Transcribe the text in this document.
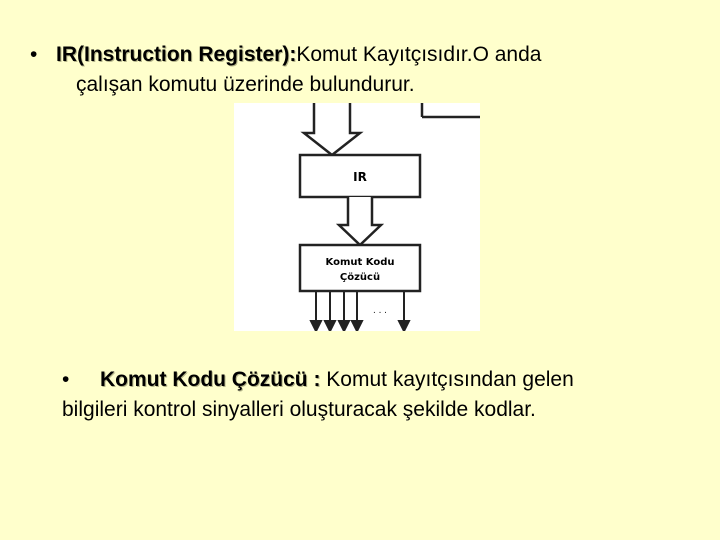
• IR(Instruction Register):Komut Kayıtçısıdır.O anda
çalışan komutu üzerinde bulundurur.
IR
Komut Kodu
Çözücü
. . .
• Komut Kodu Çözücü : Komut kayıtçısından gelen
bilgileri kontrol sinyalleri oluşturacak şekilde kodlar.
